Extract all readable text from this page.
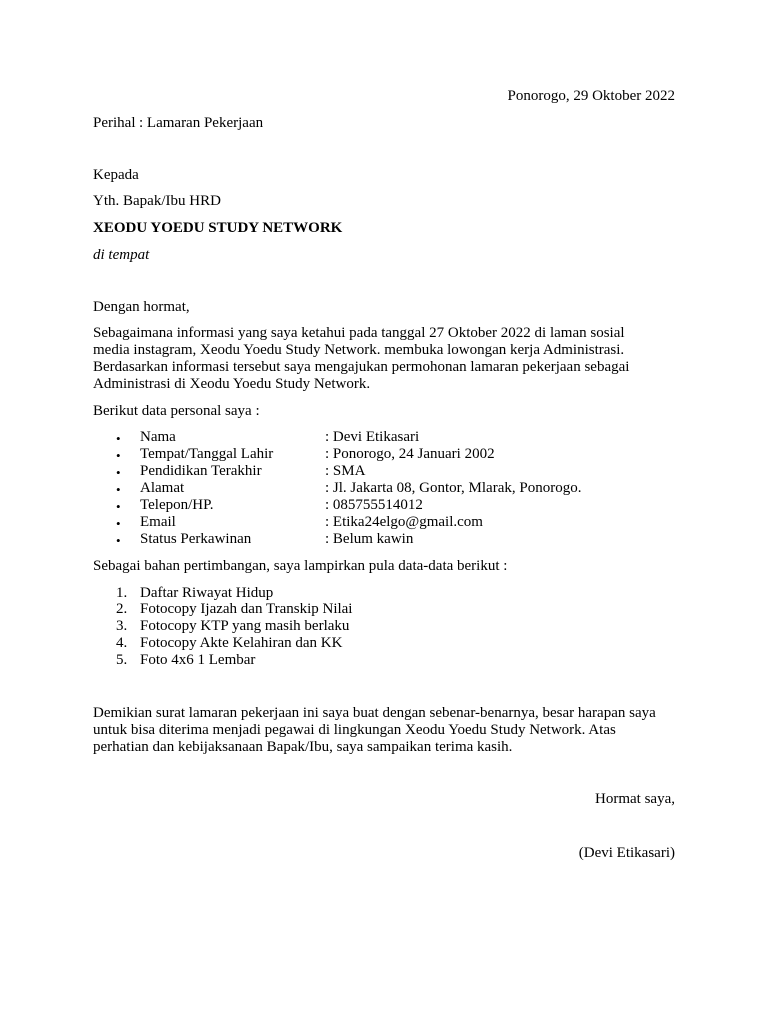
Ponorogo, 29 Oktober 2022
Perihal : Lamaran Pekerjaan
Kepada
Yth. Bapak/Ibu HRD
XEODU YOEDU STUDY NETWORK
di tempat
Dengan hormat,
Sebagaimana informasi yang saya ketahui pada tanggal 27 Oktober 2022 di laman sosial
media instagram, Xeodu Yoedu Study Network. membuka lowongan kerja Administrasi.
Berdasarkan informasi tersebut saya mengajukan permohonan lamaran pekerjaan sebagai
Administrasi di Xeodu Yoedu Study Network.
Berikut data personal saya :
• Nama	: Devi Etikasari
• Tempat/Tanggal Lahir	: Ponorogo, 24 Januari 2002
• Pendidikan Terakhir	: SMA
• Alamat	: Jl. Jakarta 08, Gontor, Mlarak, Ponorogo.
• Telepon/HP.	: 085755514012
• Email	: Etika24elgo@gmail.com
• Status Perkawinan	: Belum kawin
Sebagai bahan pertimbangan, saya lampirkan pula data-data berikut :
1. Daftar Riwayat Hidup
2. Fotocopy Ijazah dan Transkip Nilai
3. Fotocopy KTP yang masih berlaku
4. Fotocopy Akte Kelahiran dan KK
5. Foto 4x6 1 Lembar
Demikian surat lamaran pekerjaan ini saya buat dengan sebenar-benarnya, besar harapan saya
untuk bisa diterima menjadi pegawai di lingkungan Xeodu Yoedu Study Network. Atas
perhatian dan kebijaksanaan Bapak/Ibu, saya sampaikan terima kasih.
Hormat saya,
(Devi Etikasari)
